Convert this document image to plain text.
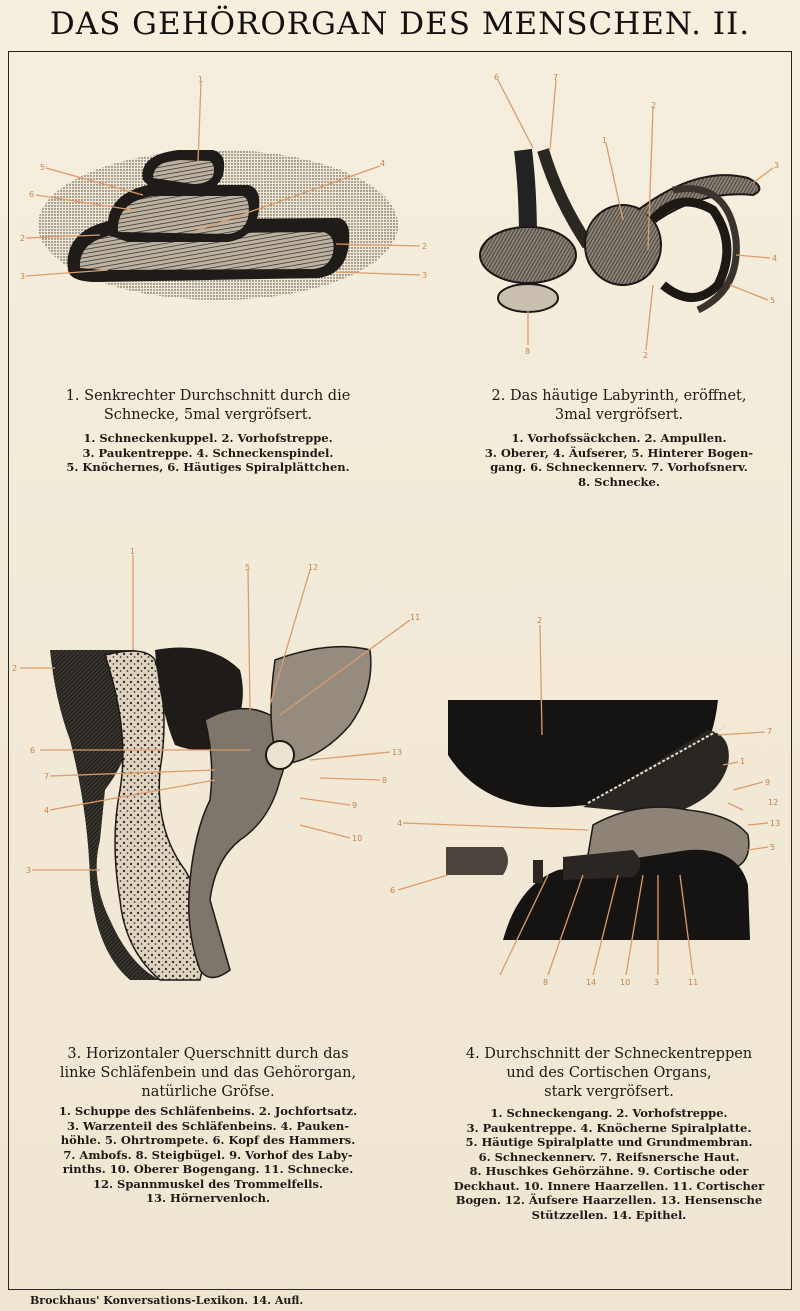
DAS GEHÖRORGAN DES MENSCHEN. II.
1
2
2
3	3
4
5
6
1. Senkrechter Durchschnitt durch die
Schnecke, 5mal vergröfsert.
1. Schneckenkuppel. 2. Vorhofstreppe.
3. Paukentreppe. 4. Schneckenspindel.
5. Knöchernes, 6. Häutiges Spiralplättchen.
1
2
2
3
4
5
6	7
8
2. Das häutige Labyrinth, eröffnet,
3mal vergröfsert.
1. Vorhofssäckchen. 2. Ampullen.
3. Oberer, 4. Äufserer, 5. Hinterer Bogen-
gang. 6. Schneckennerv. 7. Vorhofsnerv.
8. Schnecke.
1
2
3
4
5
6
7	8
9
10
11
12
13
3. Horizontaler Querschnitt durch das
linke Schläfenbein und das Gehörorgan,
natürliche Gröfse.
1. Schuppe des Schläfenbeins. 2. Jochfortsatz.
3. Warzenteil des Schläfenbeins. 4. Pauken-
höhle. 5. Ohrtrompete. 6. Kopf des Hammers.
7. Ambofs. 8. Steigbügel. 9. Vorhof des Laby-
rinths. 10. Oberer Bogengang. 11. Schnecke.
12. Spannmuskel des Trommelfells.
13. Hörnervenloch.
1
2
3
4
5
6
7
8
9
10	11
12
13
14
4. Durchschnitt der Schneckentreppen
und des Cortischen Organs,
stark vergröfsert.
1. Schneckengang. 2. Vorhofstreppe.
3. Paukentreppe. 4. Knöcherne Spiralplatte.
5. Häutige Spiralplatte und Grundmembran.
6. Schneckennerv. 7. Reifsnersche Haut.
8. Huschkes Gehörzähne. 9. Cortische oder
Deckhaut. 10. Innere Haarzellen. 11. Cortischer
Bogen. 12. Äufsere Haarzellen. 13. Hensensche
Stützzellen. 14. Epithel.
Brockhaus' Konversations-Lexikon. 14. Aufl.
